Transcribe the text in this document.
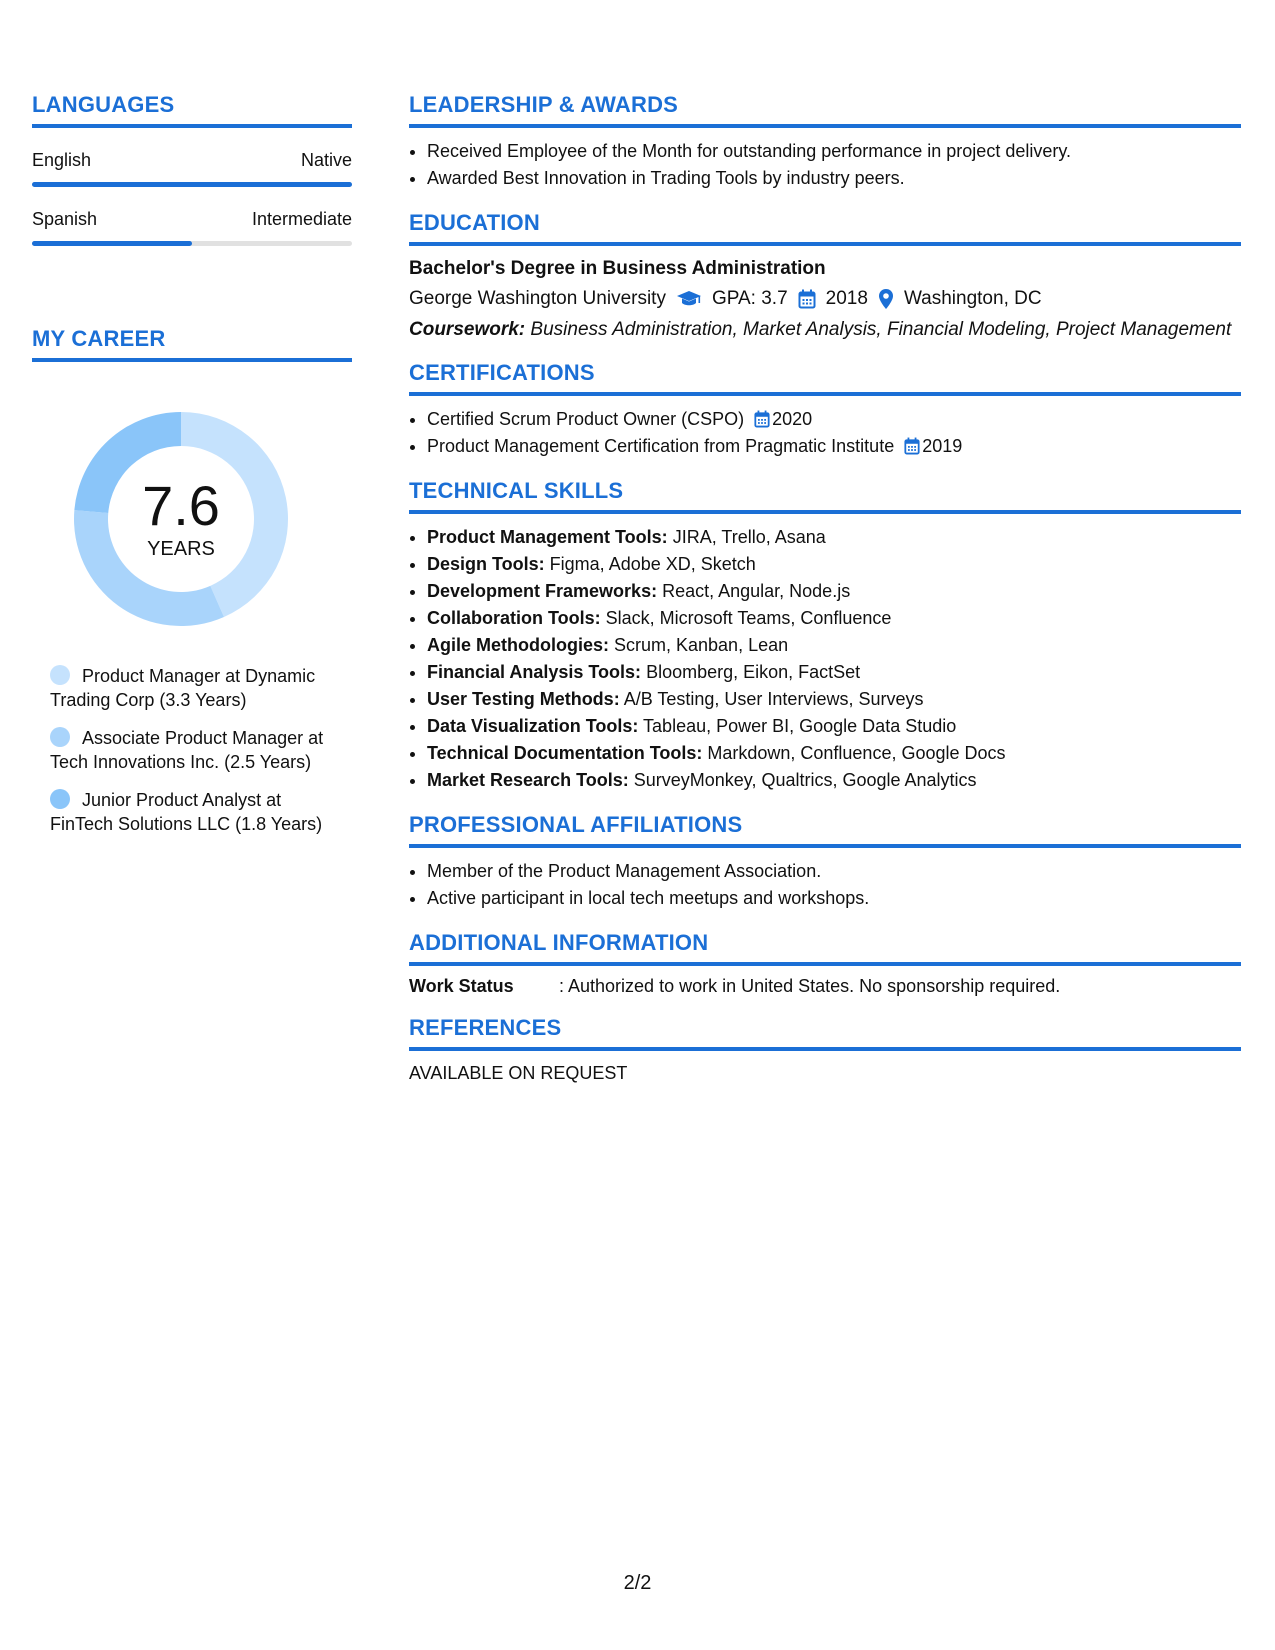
LANGUAGES
English	Native
Spanish	Intermediate
MY CAREER
7.6
YEARS
Product Manager at Dynamic Trading Corp (3.3 Years)
Associate Product Manager at Tech Innovations Inc. (2.5 Years)
Junior Product Analyst at FinTech Solutions LLC (1.8 Years)
LEADERSHIP & AWARDS
• Received Employee of the Month for outstanding performance in project delivery.
• Awarded Best Innovation in Trading Tools by industry peers.
EDUCATION
Bachelor's Degree in Business Administration
George Washington University GPA: 3.7 2018 Washington, DC
Coursework: Business Administration, Market Analysis, Financial Modeling, Project Management
CERTIFICATIONS
• Certified Scrum Product Owner (CSPO) 2020
• Product Management Certification from Pragmatic Institute 2019
TECHNICAL SKILLS
• Product Management Tools: JIRA, Trello, Asana
• Design Tools: Figma, Adobe XD, Sketch
• Development Frameworks: React, Angular, Node.js
• Collaboration Tools: Slack, Microsoft Teams, Confluence
• Agile Methodologies: Scrum, Kanban, Lean
• Financial Analysis Tools: Bloomberg, Eikon, FactSet
• User Testing Methods: A/B Testing, User Interviews, Surveys
• Data Visualization Tools: Tableau, Power BI, Google Data Studio
• Technical Documentation Tools: Markdown, Confluence, Google Docs
• Market Research Tools: SurveyMonkey, Qualtrics, Google Analytics
PROFESSIONAL AFFILIATIONS
• Member of the Product Management Association.
• Active participant in local tech meetups and workshops.
ADDITIONAL INFORMATION
Work Status	: Authorized to work in United States. No sponsorship required.
REFERENCES
AVAILABLE ON REQUEST
2/2
